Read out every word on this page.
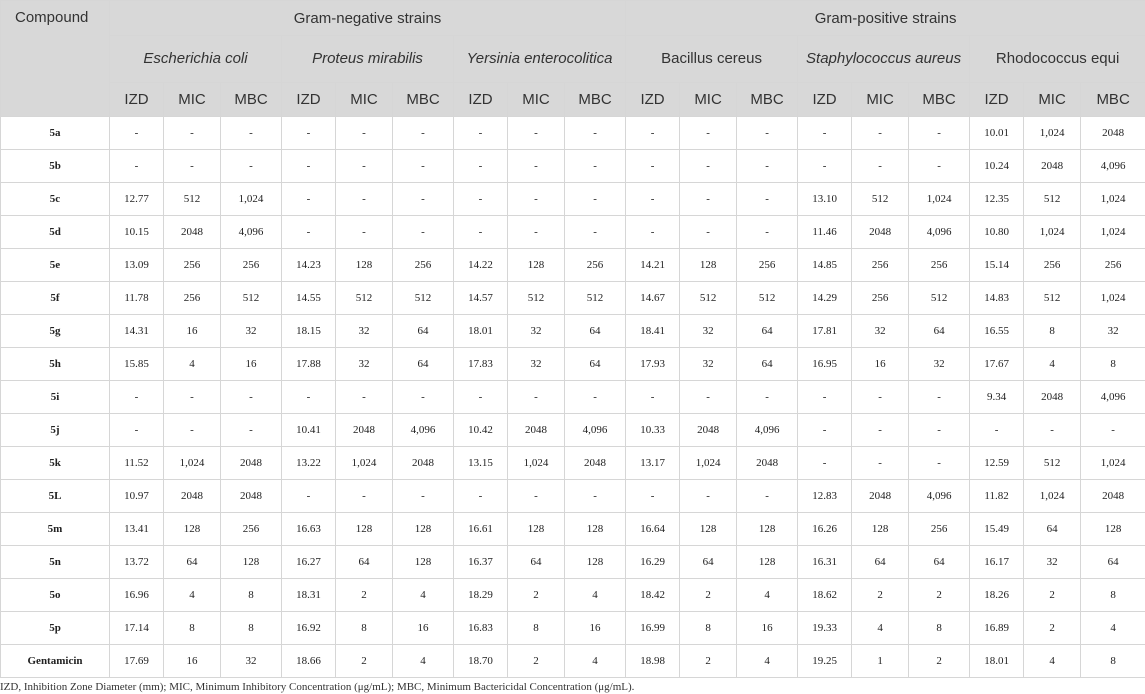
Compound	Gram-negative strains									Gram-positive strains								
	Escherichia coli			Proteus mirabilis			Yersinia enterocolitica			Bacillus cereus			Staphylococcus aureus			Rhodococcus equi		
	IZD	MIC	MBC	IZD	MIC	MBC	IZD	MIC	MBC	IZD	MIC	MBC	IZD	MIC	MBC	IZD	MIC	MBC
5a	-	-	-	-	-	-	-	-	-	-	-	-	-	-	-	10.01	1,024	2048
5b	-	-	-	-	-	-	-	-	-	-	-	-	-	-	-	10.24	2048	4,096
5c	12.77	512	1,024	-	-	-	-	-	-	-	-	-	13.10	512	1,024	12.35	512	1,024
5d	10.15	2048	4,096	-	-	-	-	-	-	-	-	-	11.46	2048	4,096	10.80	1,024	1,024
5e	13.09	256	256	14.23	128	256	14.22	128	256	14.21	128	256	14.85	256	256	15.14	256	256
5f	11.78	256	512	14.55	512	512	14.57	512	512	14.67	512	512	14.29	256	512	14.83	512	1,024
5g	14.31	16	32	18.15	32	64	18.01	32	64	18.41	32	64	17.81	32	64	16.55	8	32
5h	15.85	4	16	17.88	32	64	17.83	32	64	17.93	32	64	16.95	16	32	17.67	4	8
5i	-	-	-	-	-	-	-	-	-	-	-	-	-	-	-	9.34	2048	4,096
5j	-	-	-	10.41	2048	4,096	10.42	2048	4,096	10.33	2048	4,096	-	-	-	-	-	-
5k	11.52	1,024	2048	13.22	1,024	2048	13.15	1,024	2048	13.17	1,024	2048	-	-	-	12.59	512	1,024
5L	10.97	2048	2048	-	-	-	-	-	-	-	-	-	12.83	2048	4,096	11.82	1,024	2048
5m	13.41	128	256	16.63	128	128	16.61	128	128	16.64	128	128	16.26	128	256	15.49	64	128
5n	13.72	64	128	16.27	64	128	16.37	64	128	16.29	64	128	16.31	64	64	16.17	32	64
5o	16.96	4	8	18.31	2	4	18.29	2	4	18.42	2	4	18.62	2	2	18.26	2	8
5p	17.14	8	8	16.92	8	16	16.83	8	16	16.99	8	16	19.33	4	8	16.89	2	4
Gentamicin	17.69	16	32	18.66	2	4	18.70	2	4	18.98	2	4	19.25	1	2	18.01	4	8
IZD, Inhibition Zone Diameter (mm); MIC, Minimum Inhibitory Concentration (μg/mL); MBC, Minimum Bactericidal Concentration (μg/mL).
